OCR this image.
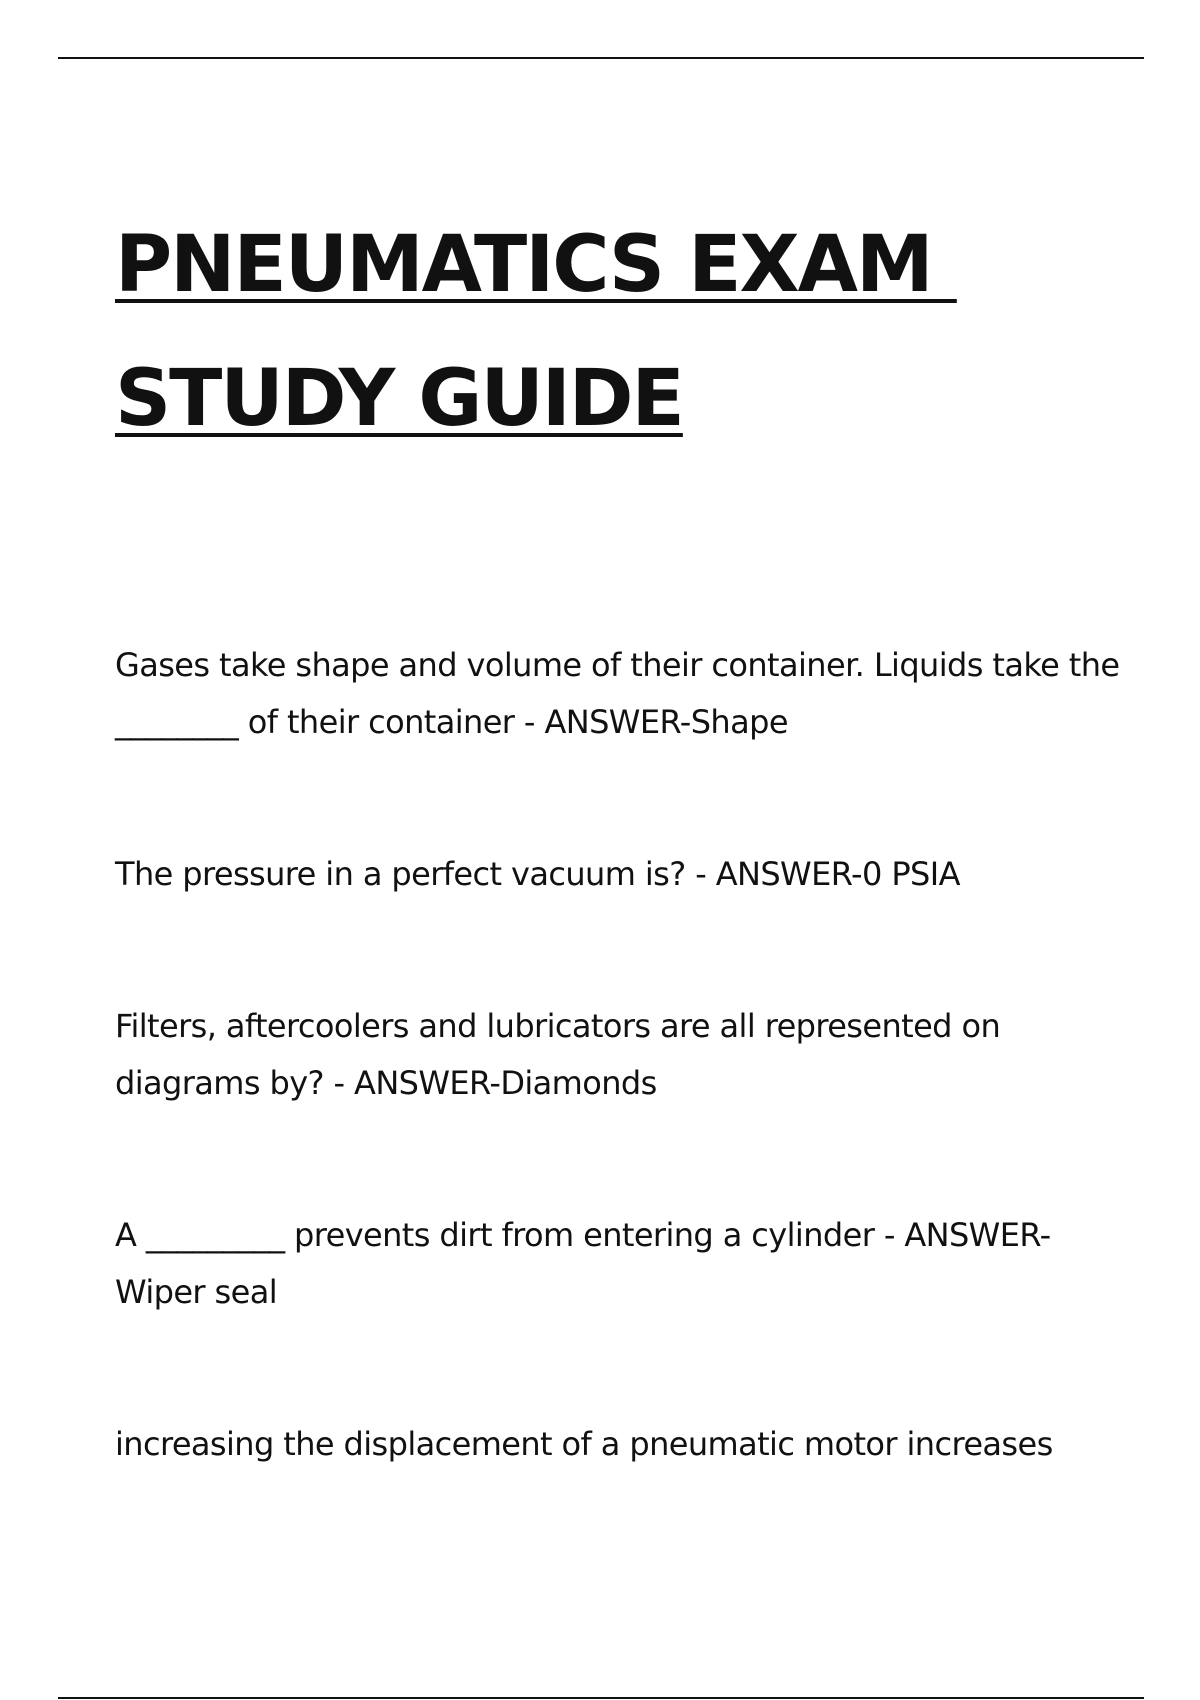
PNEUMATICS EXAM
STUDY GUIDE

Gases take shape and volume of their container. Liquids take the ________ of their container - ANSWER-Shape

The pressure in a perfect vacuum is? - ANSWER-0 PSIA

Filters, aftercoolers and lubricators are all represented on diagrams by? - ANSWER-Diamonds

A _________ prevents dirt from entering a cylinder - ANSWER-Wiper seal

increasing the displacement of a pneumatic motor increases
